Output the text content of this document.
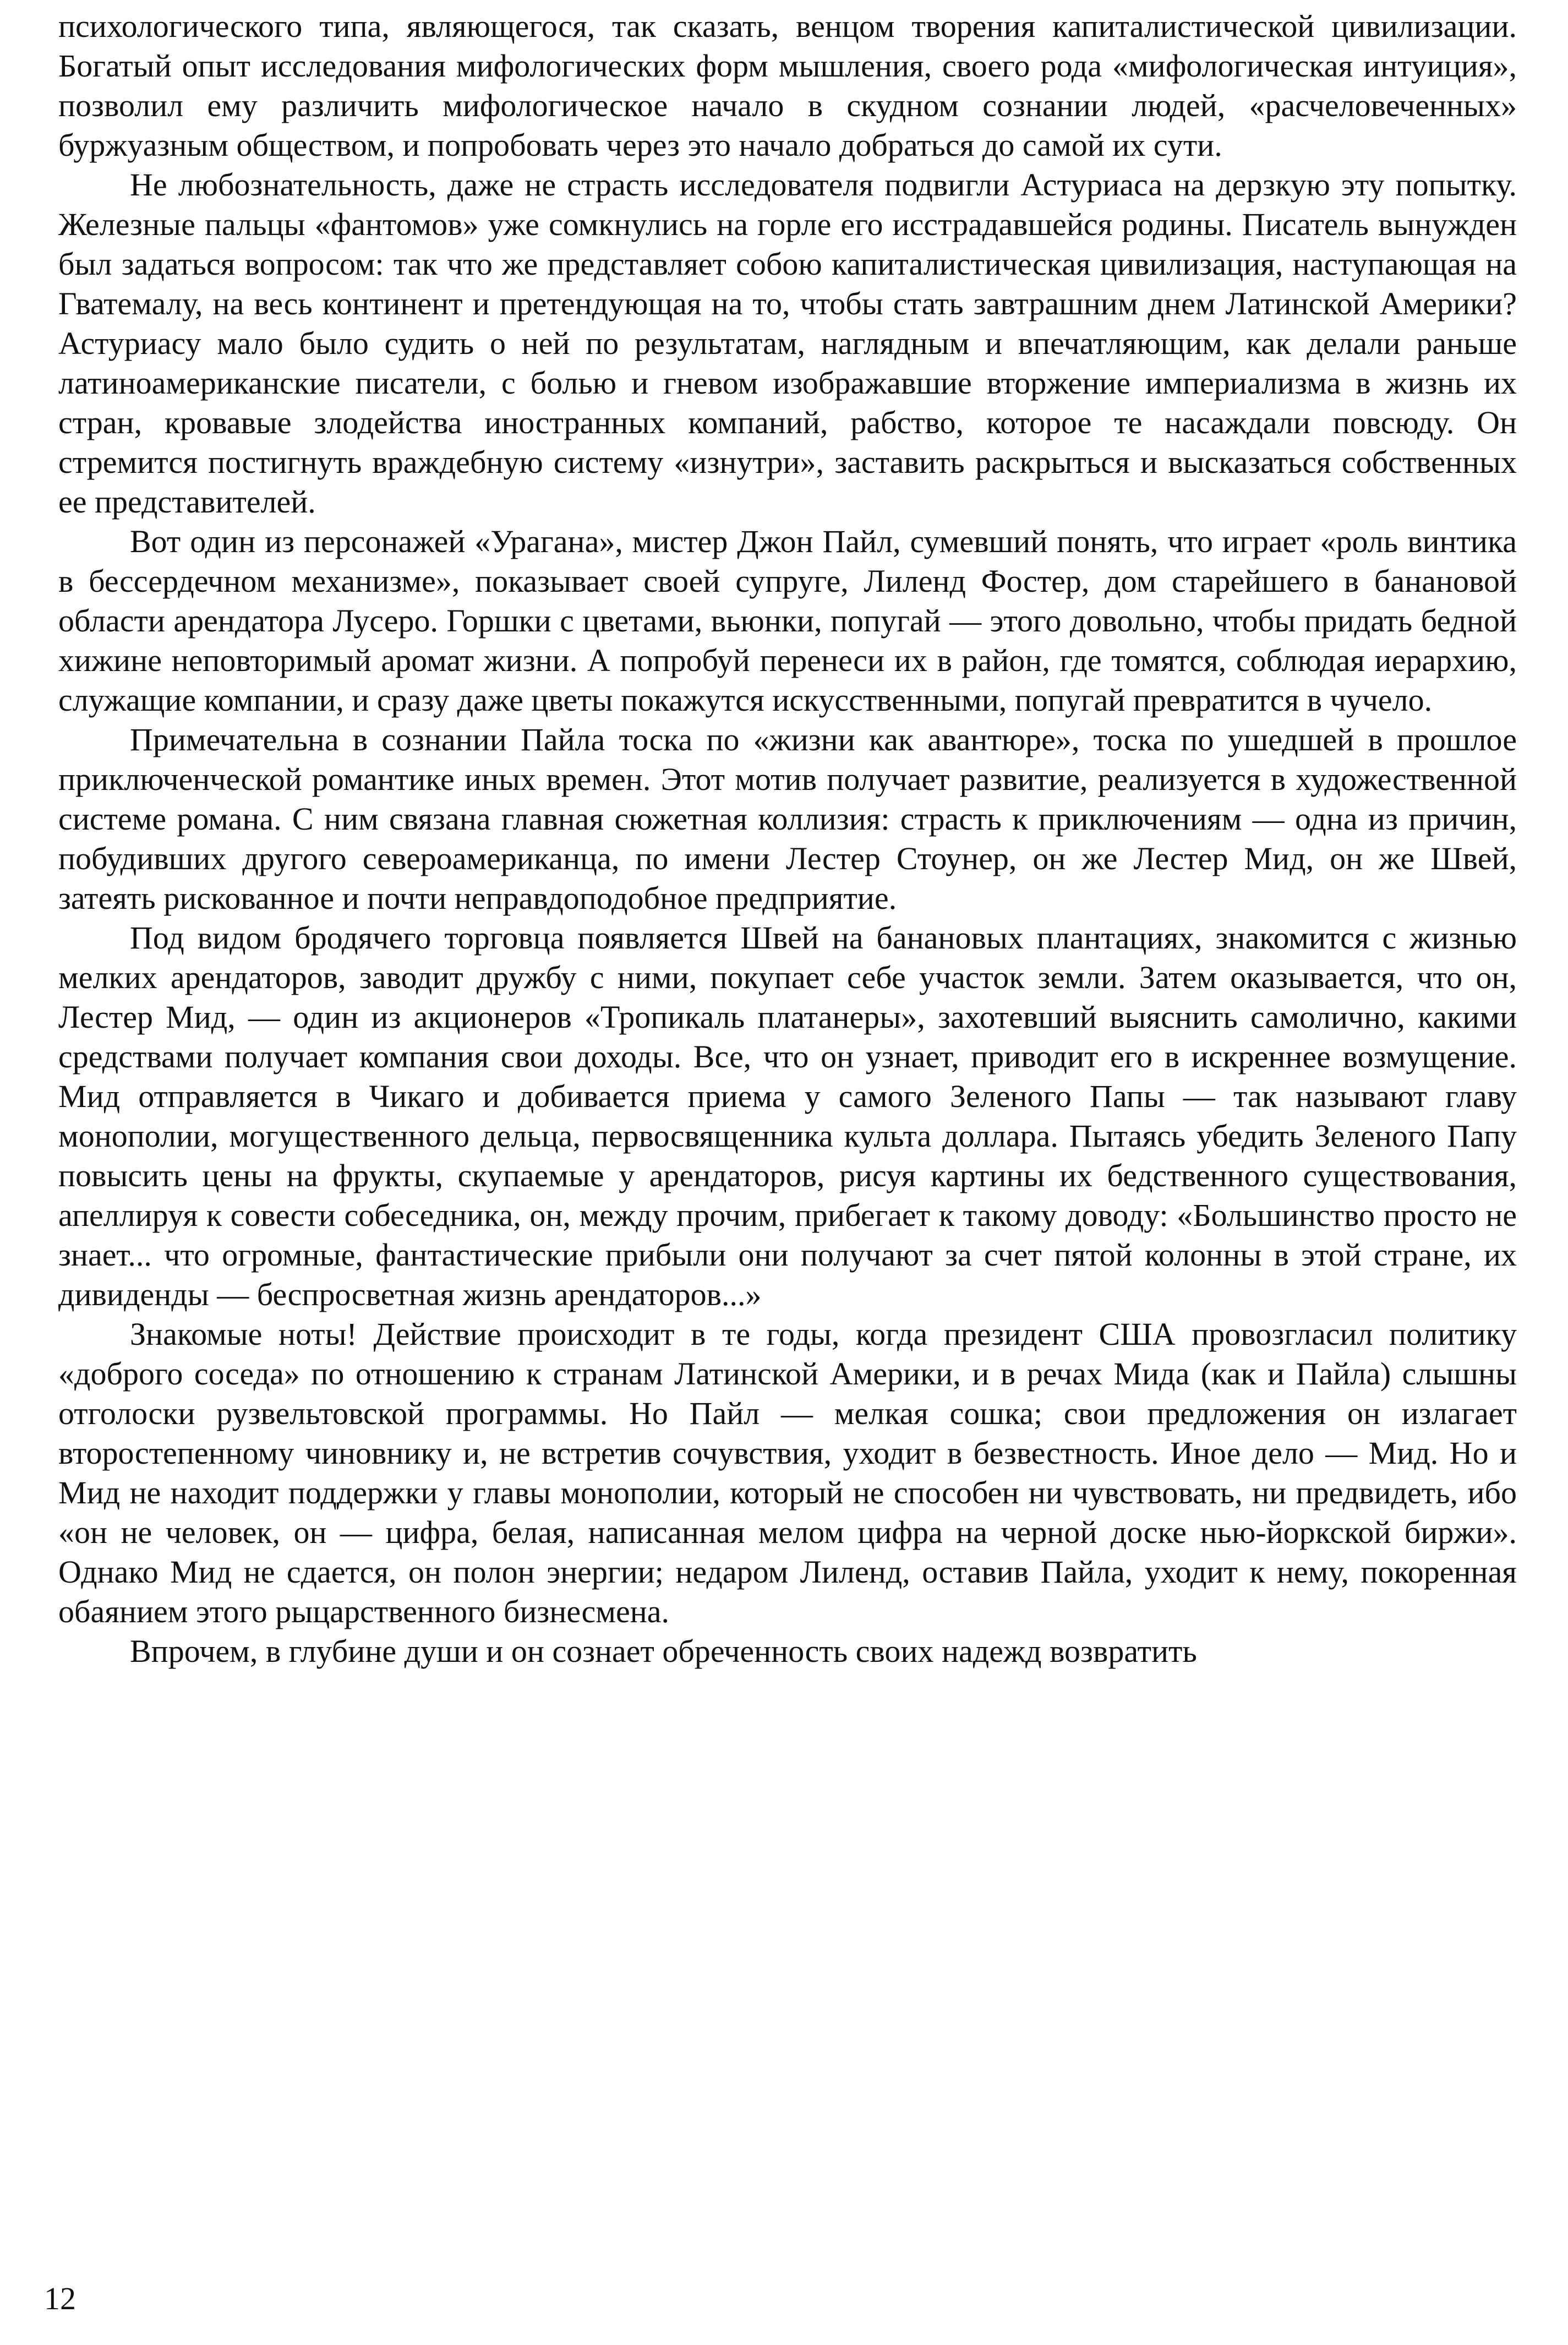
психологического типа, являющегося, так сказать, венцом творения капиталистической цивилизации. Богатый опыт исследования мифологических форм мышления, своего рода «мифологическая интуиция», позволил ему различить мифологическое начало в скудном сознании людей, «расчеловеченных» буржуазным обществом, и попробовать через это начало добраться до самой их сути.

Не любознательность, даже не страсть исследователя подвигли Астуриаса на дерзкую эту попытку. Железные пальцы «фантомов» уже сомкнулись на горле его исстрадавшейся родины. Писатель вынужден был задаться вопросом: так что же представляет собою капиталистическая цивилизация, наступающая на Гватемалу, на весь континент и претендующая на то, чтобы стать завтрашним днем Латинской Америки? Астуриасу мало было судить о ней по результатам, наглядным и впечатляющим, как делали раньше латиноамериканские писатели, с болью и гневом изображавшие вторжение империализма в жизнь их стран, кровавые злодейства иностранных компаний, рабство, которое те насаждали повсюду. Он стремится постигнуть враждебную систему «изнутри», заставить раскрыться и высказаться собственных ее представителей.

Вот один из персонажей «Урагана», мистер Джон Пайл, сумевший понять, что играет «роль винтика в бессердечном механизме», показывает своей супруге, Лиленд Фостер, дом старейшего в банановой области арендатора Лусеро. Горшки с цветами, вьюнки, попугай — этого довольно, чтобы придать бедной хижине неповторимый аромат жизни. А попробуй перенеси их в район, где томятся, соблюдая иерархию, служащие компании, и сразу даже цветы покажутся искусственными, попугай превратится в чучело.

Примечательна в сознании Пайла тоска по «жизни как авантюре», тоска по ушедшей в прошлое приключенческой романтике иных времен. Этот мотив получает развитие, реализуется в художественной системе романа. С ним связана главная сюжетная коллизия: страсть к приключениям — одна из причин, побудивших другого североамериканца, по имени Лестер Стоунер, он же Лестер Мид, он же Швей, затеять рискованное и почти неправдоподобное предприятие.

Под видом бродячего торговца появляется Швей на банановых плантациях, знакомится с жизнью мелких арендаторов, заводит дружбу с ними, покупает себе участок земли. Затем оказывается, что он, Лестер Мид, — один из акционеров «Тропикаль платанеры», захотевший выяснить самолично, какими средствами получает компания свои доходы. Все, что он узнает, приводит его в искреннее возмущение. Мид отправляется в Чикаго и добивается приема у самого Зеленого Папы — так называют главу монополии, могущественного дельца, первосвященника культа доллара. Пытаясь убедить Зеленого Папу повысить цены на фрукты, скупаемые у арендаторов, рисуя картины их бедственного существования, апеллируя к совести собеседника, он, между прочим, прибегает к такому доводу: «Большинство просто не знает... что огромные, фантастические прибыли они получают за счет пятой колонны в этой стране, их дивиденды — беспросветная жизнь арендаторов...»

Знакомые ноты! Действие происходит в те годы, когда президент США провозгласил политику «доброго соседа» по отношению к странам Латинской Америки, и в речах Мида (как и Пайла) слышны отголоски рузвельтовской программы. Но Пайл — мелкая сошка; свои предложения он излагает второстепенному чиновнику и, не встретив сочувствия, уходит в безвестность. Иное дело — Мид. Но и Мид не находит поддержки у главы монополии, который не способен ни чувствовать, ни предвидеть, ибо «он не человек, он — цифра, белая, написанная мелом цифра на черной доске нью-йоркской биржи». Однако Мид не сдается, он полон энергии; недаром Лиленд, оставив Пайла, уходит к нему, покоренная обаянием этого рыцарственного бизнесмена.

Впрочем, в глубине души и он сознает обреченность своих надежд возвратить

12
